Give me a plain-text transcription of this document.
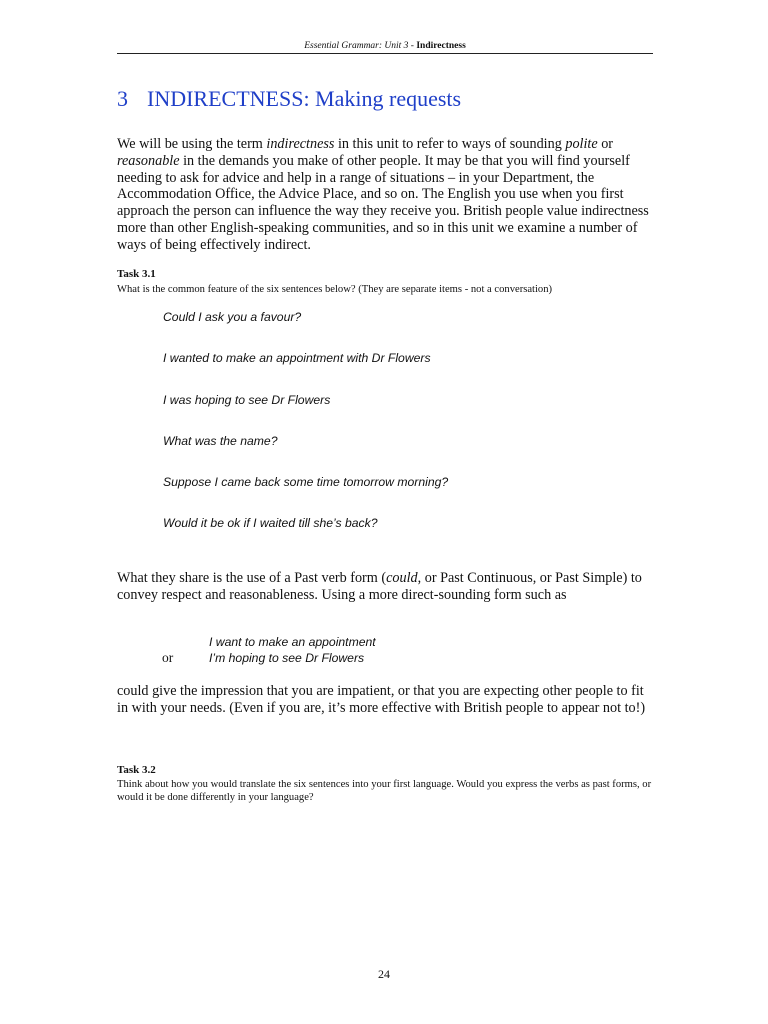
Essential Grammar: Unit 3 - Indirectness
3 INDIRECTNESS: Making requests

We will be using the term indirectness in this unit to refer to ways of sounding polite or reasonable in the demands you make of other people. It may be that you will find yourself needing to ask for advice and help in a range of situations – in your Department, the Accommodation Office, the Advice Place, and so on. The English you use when you first approach the person can influence the way they receive you. British people value indirectness more than other English-speaking communities, and so in this unit we examine a number of ways of being effectively indirect.

Task 3.1

What is the common feature of the six sentences below? (They are separate items - not a conversation)

Could I ask you a favour?
I wanted to make an appointment with Dr Flowers
I was hoping to see Dr Flowers
What was the name?
Suppose I came back some time tomorrow morning?
Would it be ok if I waited till she’s back?

What they share is the use of a Past verb form (could, or Past Continuous, or Past Simple) to convey respect and reasonableness. Using a more direct-sounding form such as

I want to make an appointment
or	I’m hoping to see Dr Flowers

could give the impression that you are impatient, or that you are expecting other people to fit in with your needs. (Even if you are, it’s more effective with British people to appear not to!)

Task 3.2

Think about how you would translate the six sentences into your first language. Would you express the verbs as past forms, or would it be done differently in your language?

24
